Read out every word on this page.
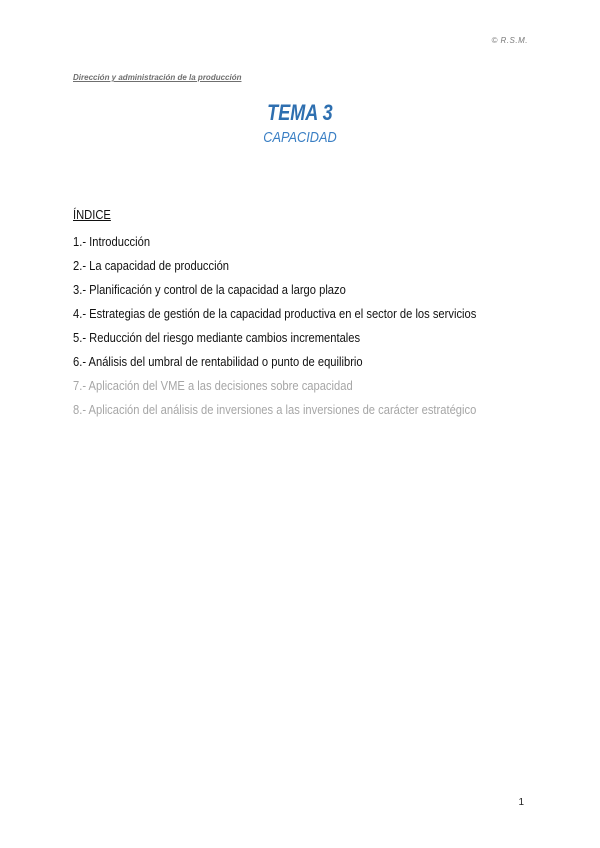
© R.S.M.
Dirección y administración de la producción
TEMA 3
CAPACIDAD
ÍNDICE
1.- Introducción
2.- La capacidad de producción
3.- Planificación y control de la capacidad a largo plazo
4.- Estrategias de gestión de la capacidad productiva en el sector de los servicios
5.- Reducción del riesgo mediante cambios incrementales
6.- Análisis del umbral de rentabilidad o punto de equilibrio
7.- Aplicación del VME a las decisiones sobre capacidad
8.- Aplicación del análisis de inversiones a las inversiones de carácter estratégico
1
